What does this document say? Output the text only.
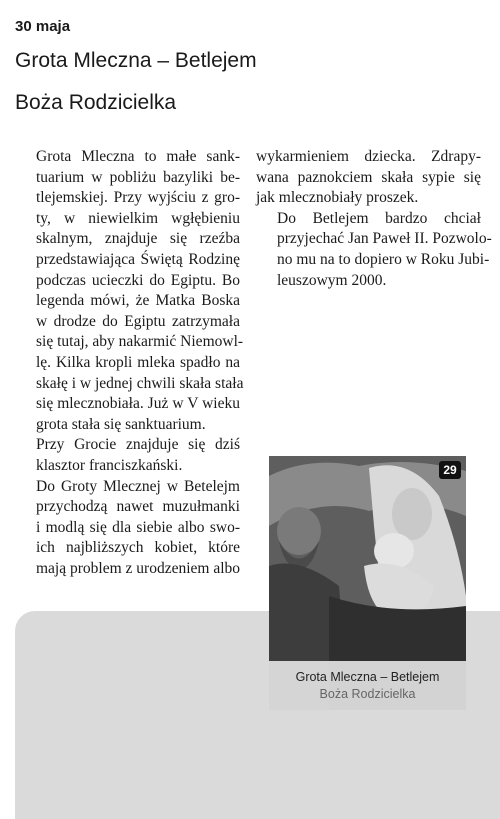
30 maja
Grota Mleczna – Betlejem
Boża Rodzicielka

Grota Mleczna to małe sank-
tuarium w pobliżu bazyliki be-
tlejemskiej. Przy wyjściu z gro-
ty, w niewielkim wgłębieniu
skalnym, znajduje się rzeźba
przedstawiająca Świętą Rodzinę
podczas ucieczki do Egiptu. Bo
legenda mówi, że Matka Boska
w drodze do Egiptu zatrzymała
się tutaj, aby nakarmić Niemowl-
lę. Kilka kropli mleka spadło na
skałę i w jednej chwili skała stała
się mlecznobiała. Już w V wieku
grota stała się sanktuarium.

Przy Grocie znajduje się dziś
klasztor franciszkański.

Do Groty Mlecznej w Betelejm
przychodzą nawet muzułmanki
i modlą się dla siebie albo swo-
ich najbliższych kobiet, które
mają problem z urodzeniem albo

wykarmieniem dziecka. Zdrapy-
wana paznokciem skała sypie się
jak mlecznobiały proszek.

Do Betlejem bardzo chciał
przyjechać Jan Paweł II. Pozwolo-
no mu na to dopiero w Roku Jubi-
leuszowym 2000.

29
Grota Mleczna – Betlejem
Boża Rodzicielka
